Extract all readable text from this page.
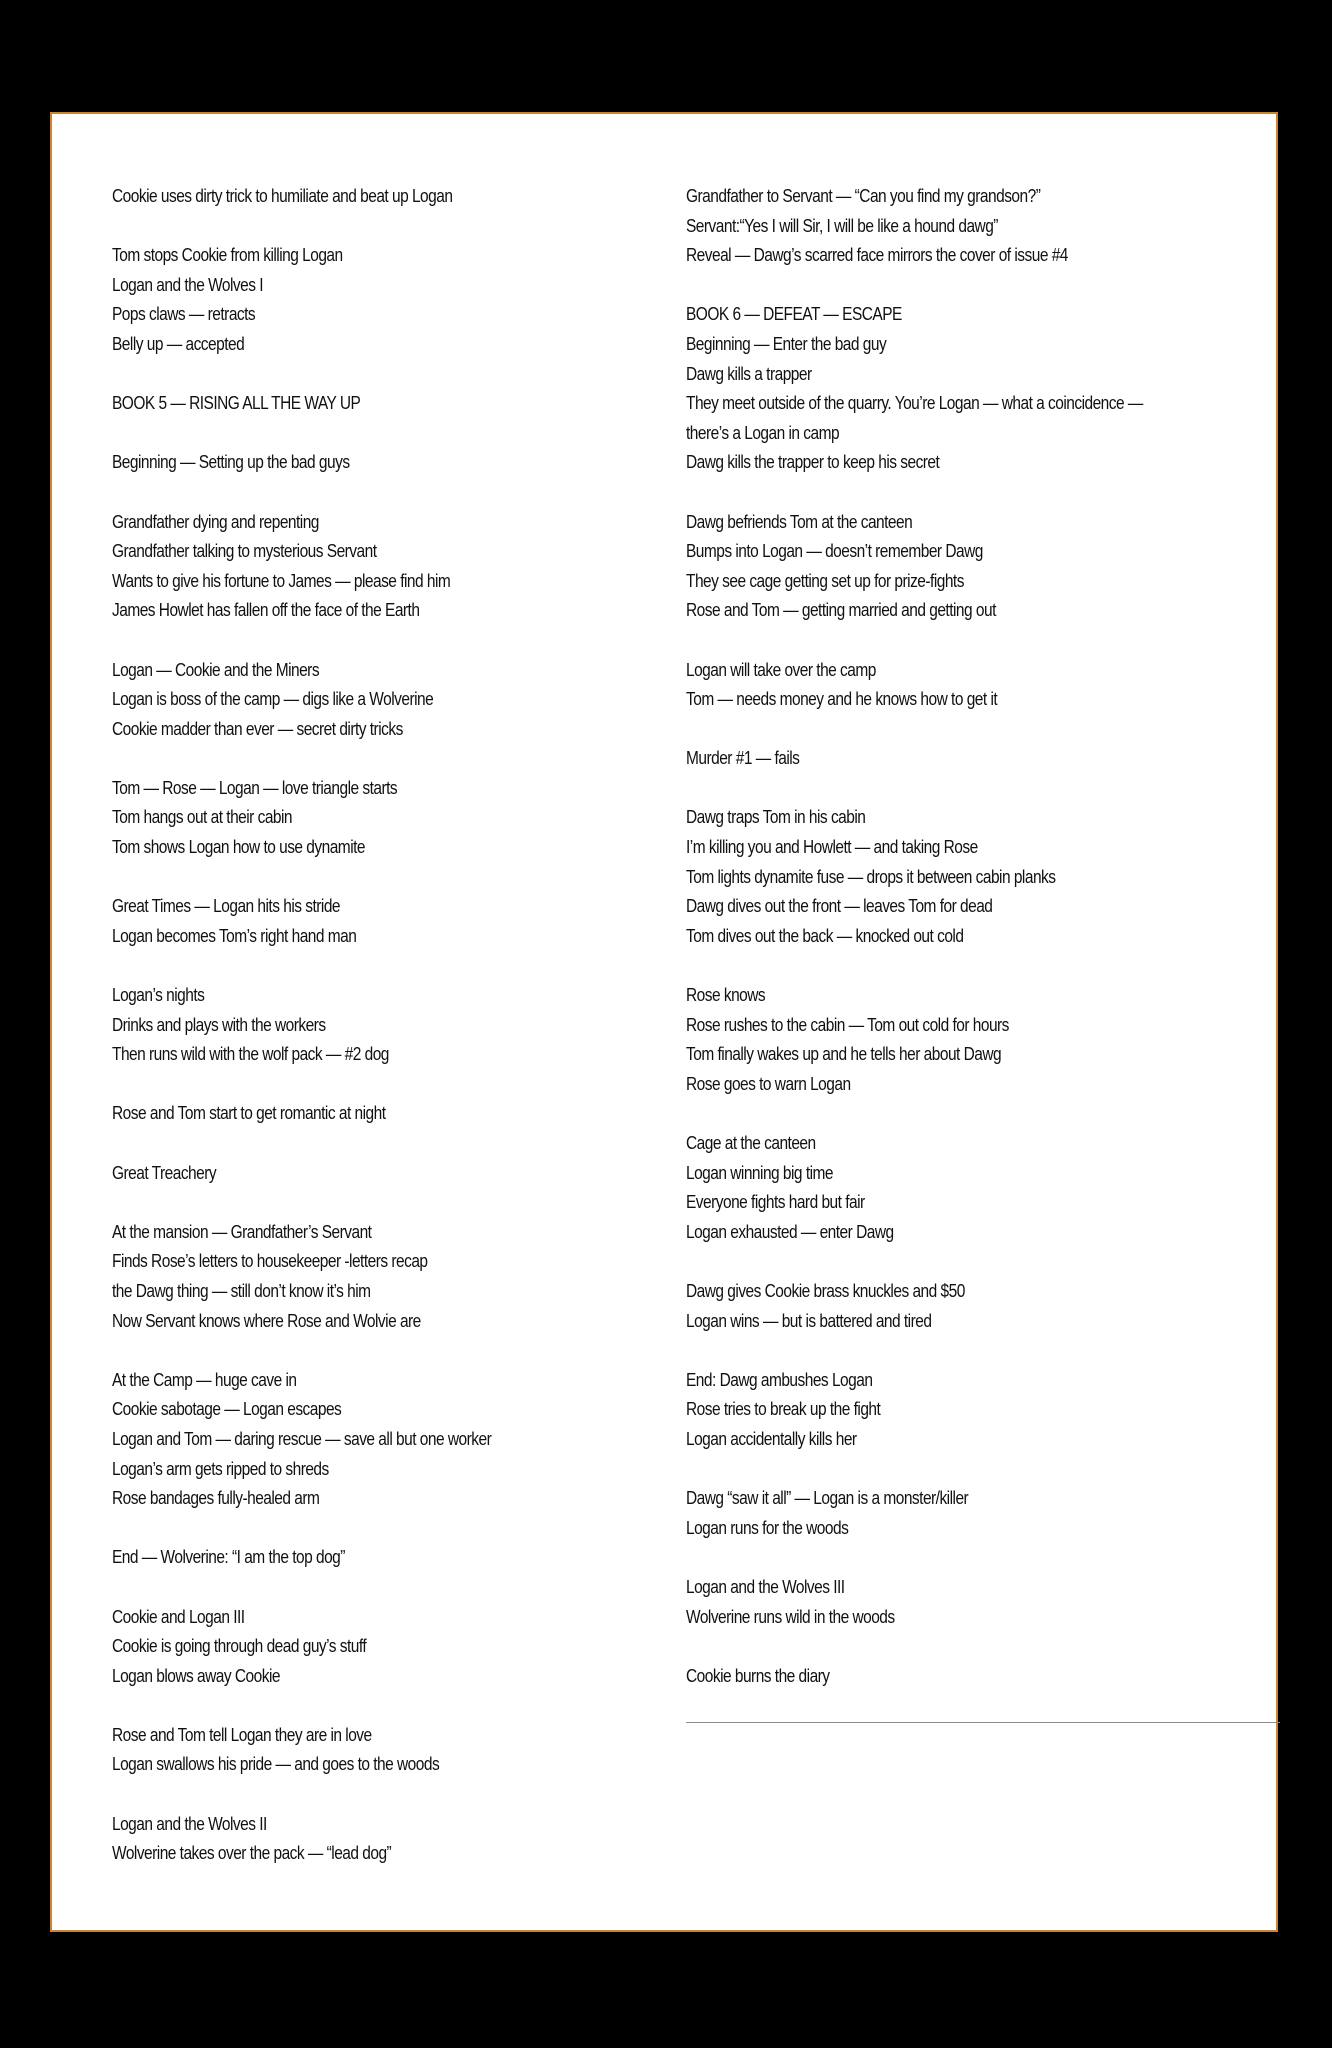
Cookie uses dirty trick to humiliate and beat up Logan
Tom stops Cookie from killing Logan
Logan and the Wolves I
Pops claws — retracts
Belly up — accepted
BOOK 5 — RISING ALL THE WAY UP
Beginning — Setting up the bad guys
Grandfather dying and repenting
Grandfather talking to mysterious Servant
Wants to give his fortune to James — please find him
James Howlet has fallen off the face of the Earth
Logan — Cookie and the Miners
Logan is boss of the camp — digs like a Wolverine
Cookie madder than ever — secret dirty tricks
Tom — Rose — Logan — love triangle starts
Tom hangs out at their cabin
Tom shows Logan how to use dynamite
Great Times — Logan hits his stride
Logan becomes Tom’s right hand man
Logan’s nights
Drinks and plays with the workers
Then runs wild with the wolf pack — #2 dog
Rose and Tom start to get romantic at night
Great Treachery
At the mansion — Grandfather’s Servant
Finds Rose’s letters to housekeeper -letters recap
the Dawg thing — still don’t know it’s him
Now Servant knows where Rose and Wolvie are
At the Camp — huge cave in
Cookie sabotage — Logan escapes
Logan and Tom — daring rescue — save all but one worker
Logan’s arm gets ripped to shreds
Rose bandages fully-healed arm
End — Wolverine: “I am the top dog”
Cookie and Logan III
Cookie is going through dead guy’s stuff
Logan blows away Cookie
Rose and Tom tell Logan they are in love
Logan swallows his pride — and goes to the woods
Logan and the Wolves II
Wolverine takes over the pack — “lead dog”
Grandfather to Servant — “Can you find my grandson?”
Servant:“Yes I will Sir, I will be like a hound dawg”
Reveal — Dawg’s scarred face mirrors the cover of issue #4
BOOK 6 — DEFEAT — ESCAPE
Beginning — Enter the bad guy
Dawg kills a trapper
They meet outside of the quarry. You’re Logan — what a coincidence —
there’s a Logan in camp
Dawg kills the trapper to keep his secret
Dawg befriends Tom at the canteen
Bumps into Logan — doesn’t remember Dawg
They see cage getting set up for prize-fights
Rose and Tom — getting married and getting out
Logan will take over the camp
Tom — needs money and he knows how to get it
Murder #1 — fails
Dawg traps Tom in his cabin
I’m killing you and Howlett — and taking Rose
Tom lights dynamite fuse — drops it between cabin planks
Dawg dives out the front — leaves Tom for dead
Tom dives out the back — knocked out cold
Rose knows
Rose rushes to the cabin — Tom out cold for hours
Tom finally wakes up and he tells her about Dawg
Rose goes to warn Logan
Cage at the canteen
Logan winning big time
Everyone fights hard but fair
Logan exhausted — enter Dawg
Dawg gives Cookie brass knuckles and $50
Logan wins — but is battered and tired
End: Dawg ambushes Logan
Rose tries to break up the fight
Logan accidentally kills her
Dawg “saw it all” — Logan is a monster/killer
Logan runs for the woods
Logan and the Wolves III
Wolverine runs wild in the woods
Cookie burns the diary
